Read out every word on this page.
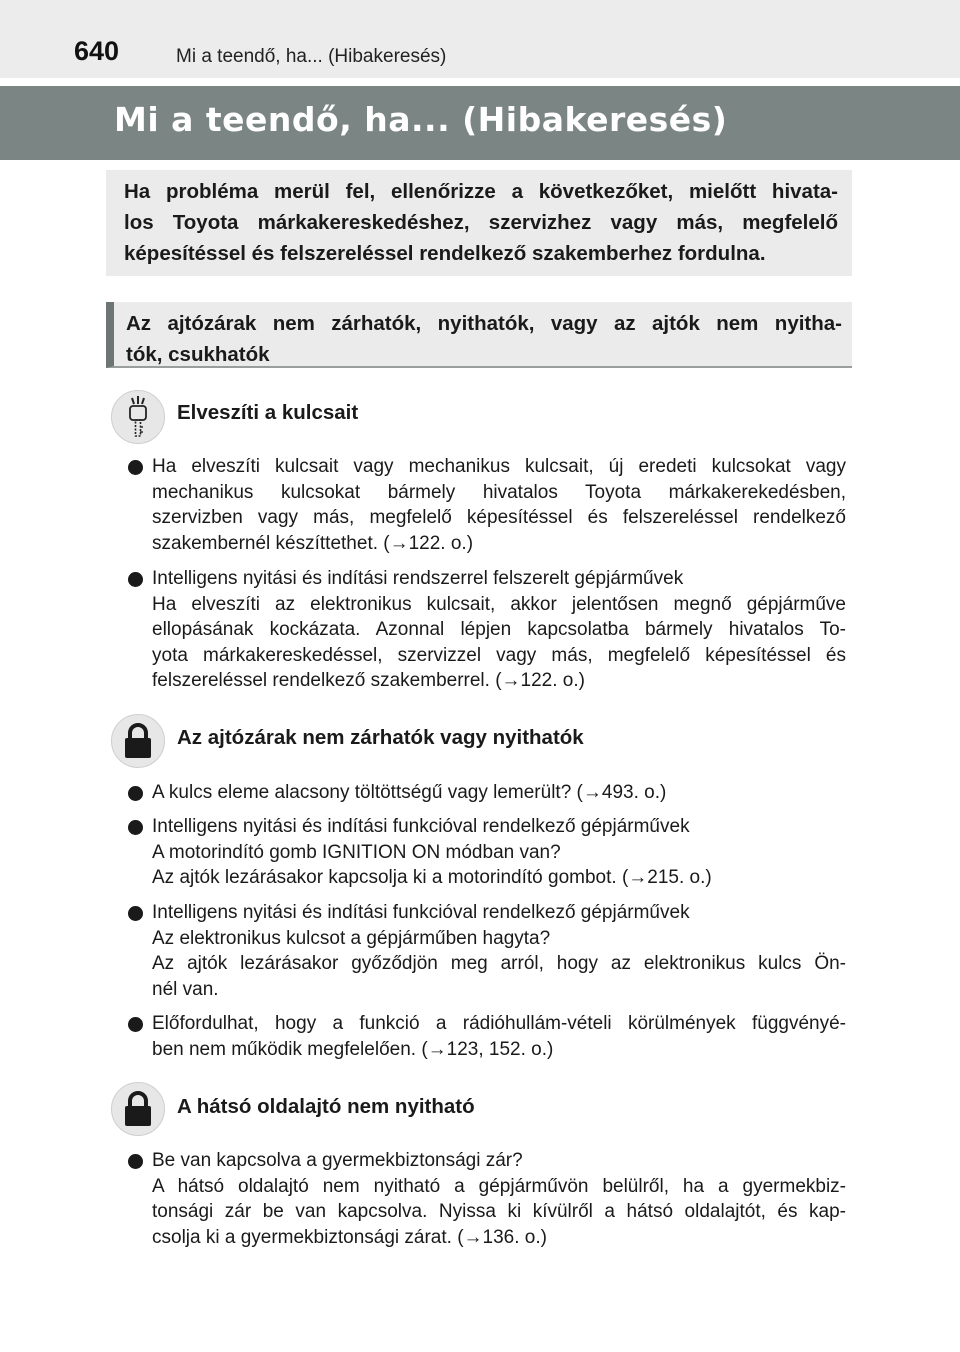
640	Mi a teendő, ha... (Hibakeresés)
Mi a teendő, ha... (Hibakeresés)
Ha probléma merül fel, ellenőrizze a következőket, mielőtt hivata-
los Toyota márkakereskedéshez, szervizhez vagy más, megfelelő
képesítéssel és felszereléssel rendelkező szakemberhez fordulna.
Az ajtózárak nem zárhatók, nyithatók, vagy az ajtók nem nyitha-
tók, csukhatók
Elveszíti a kulcsait
Ha elveszíti kulcsait vagy mechanikus kulcsait, új eredeti kulcsokat vagy
mechanikus kulcsokat bármely hivatalos Toyota márkakerekedésben,
szervizben vagy más, megfelelő képesítéssel és felszereléssel rendelkező
szakembernél készíttethet. (→122. o.)
Intelligens nyitási és indítási rendszerrel felszerelt gépjárművek
Ha elveszíti az elektronikus kulcsait, akkor jelentősen megnő gépjárműve
ellopásának kockázata. Azonnal lépjen kapcsolatba bármely hivatalos To-
yota márkakereskedéssel, szervizzel vagy más, megfelelő képesítéssel és
felszereléssel rendelkező szakemberrel. (→122. o.)
Az ajtózárak nem zárhatók vagy nyithatók
A kulcs eleme alacsony töltöttségű vagy lemerült? (→493. o.)
Intelligens nyitási és indítási funkcióval rendelkező gépjárművek
A motorindító gomb IGNITION ON módban van?
Az ajtók lezárásakor kapcsolja ki a motorindító gombot. (→215. o.)
Intelligens nyitási és indítási funkcióval rendelkező gépjárművek
Az elektronikus kulcsot a gépjárműben hagyta?
Az ajtók lezárásakor győződjön meg arról, hogy az elektronikus kulcs Ön-
nél van.
Előfordulhat, hogy a funkció a rádióhullám-vételi körülmények függvényé-
ben nem működik megfelelően. (→123, 152. o.)
A hátsó oldalajtó nem nyitható
Be van kapcsolva a gyermekbiztonsági zár?
A hátsó oldalajtó nem nyitható a gépjárművön belülről, ha a gyermekbiz-
tonsági zár be van kapcsolva. Nyissa ki kívülről a hátsó oldalajtót, és kap-
csolja ki a gyermekbiztonsági zárat. (→136. o.)
